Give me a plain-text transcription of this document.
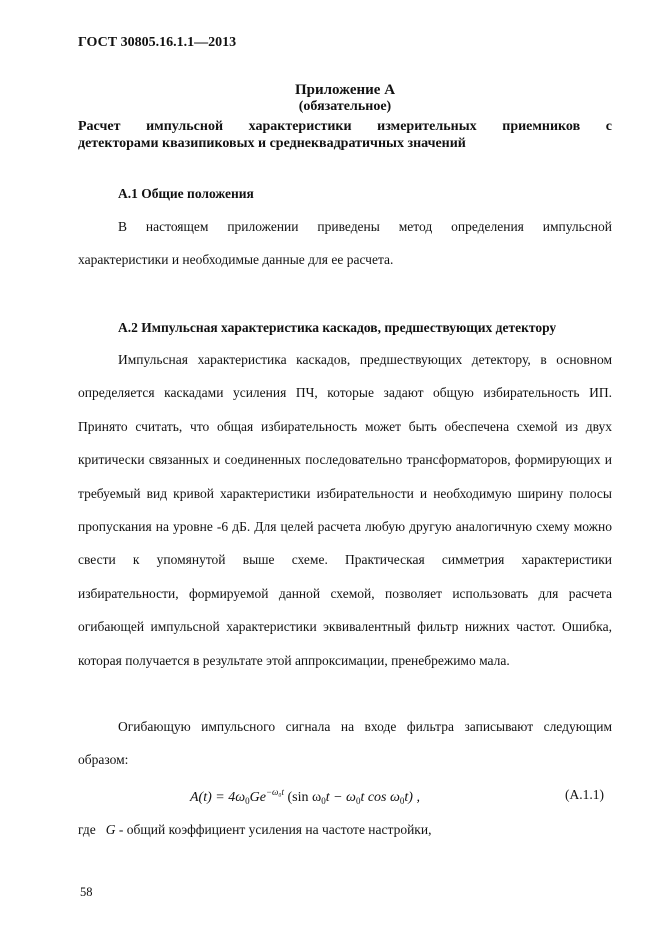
ГОСТ 30805.16.1.1—2013
Приложение А
(обязательное)
Расчет импульсной характеристики измерительных приемников с
детекторами квазипиковых и среднеквадратичных значений
А.1 Общие положения

В настоящем приложении приведены метод определения импульсной характеристики и необходимые данные для ее расчета.

А.2 Импульсная характеристика каскадов, предшествующих детектору

Импульсная характеристика каскадов, предшествующих детектору, в основном определяется каскадами усиления ПЧ, которые задают общую избирательность ИП. Принято считать, что общая избирательность может быть обеспечена схемой из двух критически связанных и соединенных последовательно трансформаторов, формирующих и требуемый вид кривой характеристики избирательности и необходимую ширину полосы пропускания на уровне -6 дБ. Для целей расчета любую другую аналогичную схему можно свести к упомянутой выше схеме. Практическая симметрия характеристики избирательности, формируемой данной схемой, позволяет использовать для расчета огибающей импульсной характеристики эквивалентный фильтр нижних частот. Ошибка, которая получается в результате этой аппроксимации, пренебрежимо мала.

Огибающую импульсного сигнала на входе фильтра записывают следующим образом:

$A(t) = 4\omega_0Ge^{-\omega_0t}$ (sin $\omega_0t - \omega_0t$ $\cos \omega_0t$) ,	(А.1.1)
где G - общий коэффициент усиления на частоте настройки,
58
